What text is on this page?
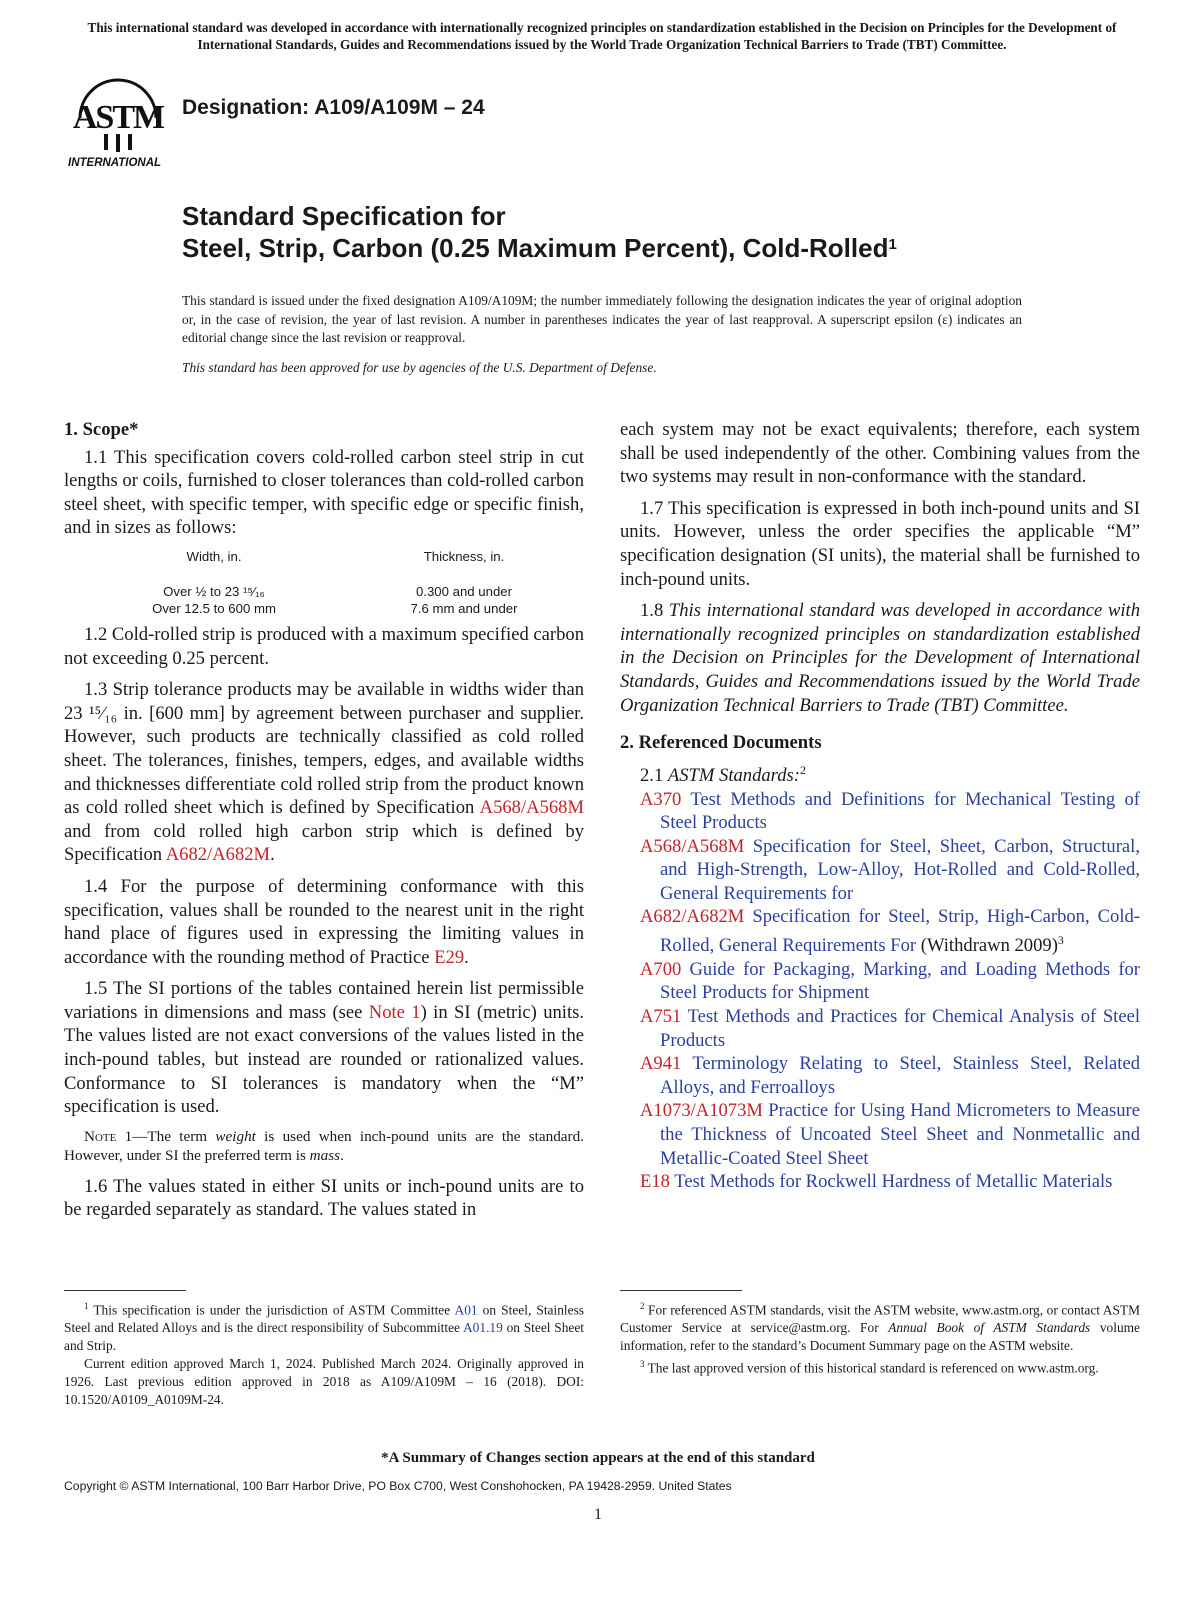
This international standard was developed in accordance with internationally recognized principles on standardization established in the Decision on Principles for the Development of International Standards, Guides and Recommendations issued by the World Trade Organization Technical Barriers to Trade (TBT) Committee.
ASTM
INTERNATIONAL
Designation: A109/A109M – 24
Standard Specification for
Steel, Strip, Carbon (0.25 Maximum Percent), Cold-Rolled$^1$
This standard is issued under the fixed designation A109/A109M; the number immediately following the designation indicates the year of original adoption or, in the case of revision, the year of last revision. A number in parentheses indicates the year of last reapproval. A superscript epsilon (ε) indicates an editorial change since the last revision or reapproval.
This standard has been approved for use by agencies of the U.S. Department of Defense.
1. Scope*

1.1 This specification covers cold-rolled carbon steel strip in cut lengths or coils, furnished to closer tolerances than cold-rolled carbon steel sheet, with specific temper, with specific edge or specific finish, and in sizes as follows:

Width, in.	Thickness, in.
Over ½ to 23 ¹⁵⁄₁₆	0.300 and under
Over 12.5 to 600 mm	7.6 mm and under

1.2 Cold-rolled strip is produced with a maximum specified carbon not exceeding 0.25 percent.

1.3 Strip tolerance products may be available in widths wider than 23 ¹⁵⁄₁₆ in. [600 mm] by agreement between purchaser and supplier. However, such products are technically classified as cold rolled sheet. The tolerances, finishes, tempers, edges, and available widths and thicknesses differentiate cold rolled strip from the product known as cold rolled sheet which is defined by Specification A568/A568M and from cold rolled high carbon strip which is defined by Specification A682/A682M.

1.4 For the purpose of determining conformance with this specification, values shall be rounded to the nearest unit in the right hand place of figures used in expressing the limiting values in accordance with the rounding method of Practice E29.

1.5 The SI portions of the tables contained herein list permissible variations in dimensions and mass (see Note 1) in SI (metric) units. The values listed are not exact conversions of the values listed in the inch-pound tables, but instead are rounded or rationalized values. Conformance to SI tolerances is mandatory when the “M” specification is used.

Note 1—The term weight is used when inch-pound units are the standard. However, under SI the preferred term is mass.

1.6 The values stated in either SI units or inch-pound units are to be regarded separately as standard. The values stated in

each system may not be exact equivalents; therefore, each system shall be used independently of the other. Combining values from the two systems may result in non-conformance with the standard.

1.7 This specification is expressed in both inch-pound units and SI units. However, unless the order specifies the applicable “M” specification designation (SI units), the material shall be furnished to inch-pound units.

1.8 This international standard was developed in accordance with internationally recognized principles on standardization established in the Decision on Principles for the Development of International Standards, Guides and Recommendations issued by the World Trade Organization Technical Barriers to Trade (TBT) Committee.

2. Referenced Documents

2.1 ASTM Standards:$^2$

A370 Test Methods and Definitions for Mechanical Testing of Steel Products

A568/A568M Specification for Steel, Sheet, Carbon, Structural, and High-Strength, Low-Alloy, Hot-Rolled and Cold-Rolled, General Requirements for

A682/A682M Specification for Steel, Strip, High-Carbon, Cold-Rolled, General Requirements For (Withdrawn 2009)$^3$

A700 Guide for Packaging, Marking, and Loading Methods for Steel Products for Shipment

A751 Test Methods and Practices for Chemical Analysis of Steel Products

A941 Terminology Relating to Steel, Stainless Steel, Related Alloys, and Ferroalloys

A1073/A1073M Practice for Using Hand Micrometers to Measure the Thickness of Uncoated Steel Sheet and Nonmetallic and Metallic-Coated Steel Sheet

E18 Test Methods for Rockwell Hardness of Metallic Materials

$^1$ This specification is under the jurisdiction of ASTM Committee A01 on Steel, Stainless Steel and Related Alloys and is the direct responsibility of Subcommittee A01.19 on Steel Sheet and Strip.

Current edition approved March 1, 2024. Published March 2024. Originally approved in 1926. Last previous edition approved in 2018 as A109/A109M – 16 (2018). DOI: 10.1520/A0109_A0109M-24.

$^2$ For referenced ASTM standards, visit the ASTM website, www.astm.org, or contact ASTM Customer Service at service@astm.org. For Annual Book of ASTM Standards volume information, refer to the standard’s Document Summary page on the ASTM website.

$^3$ The last approved version of this historical standard is referenced on www.astm.org.

*A Summary of Changes section appears at the end of this standard
Copyright © ASTM International, 100 Barr Harbor Drive, PO Box C700, West Conshohocken, PA 19428-2959. United States
1
